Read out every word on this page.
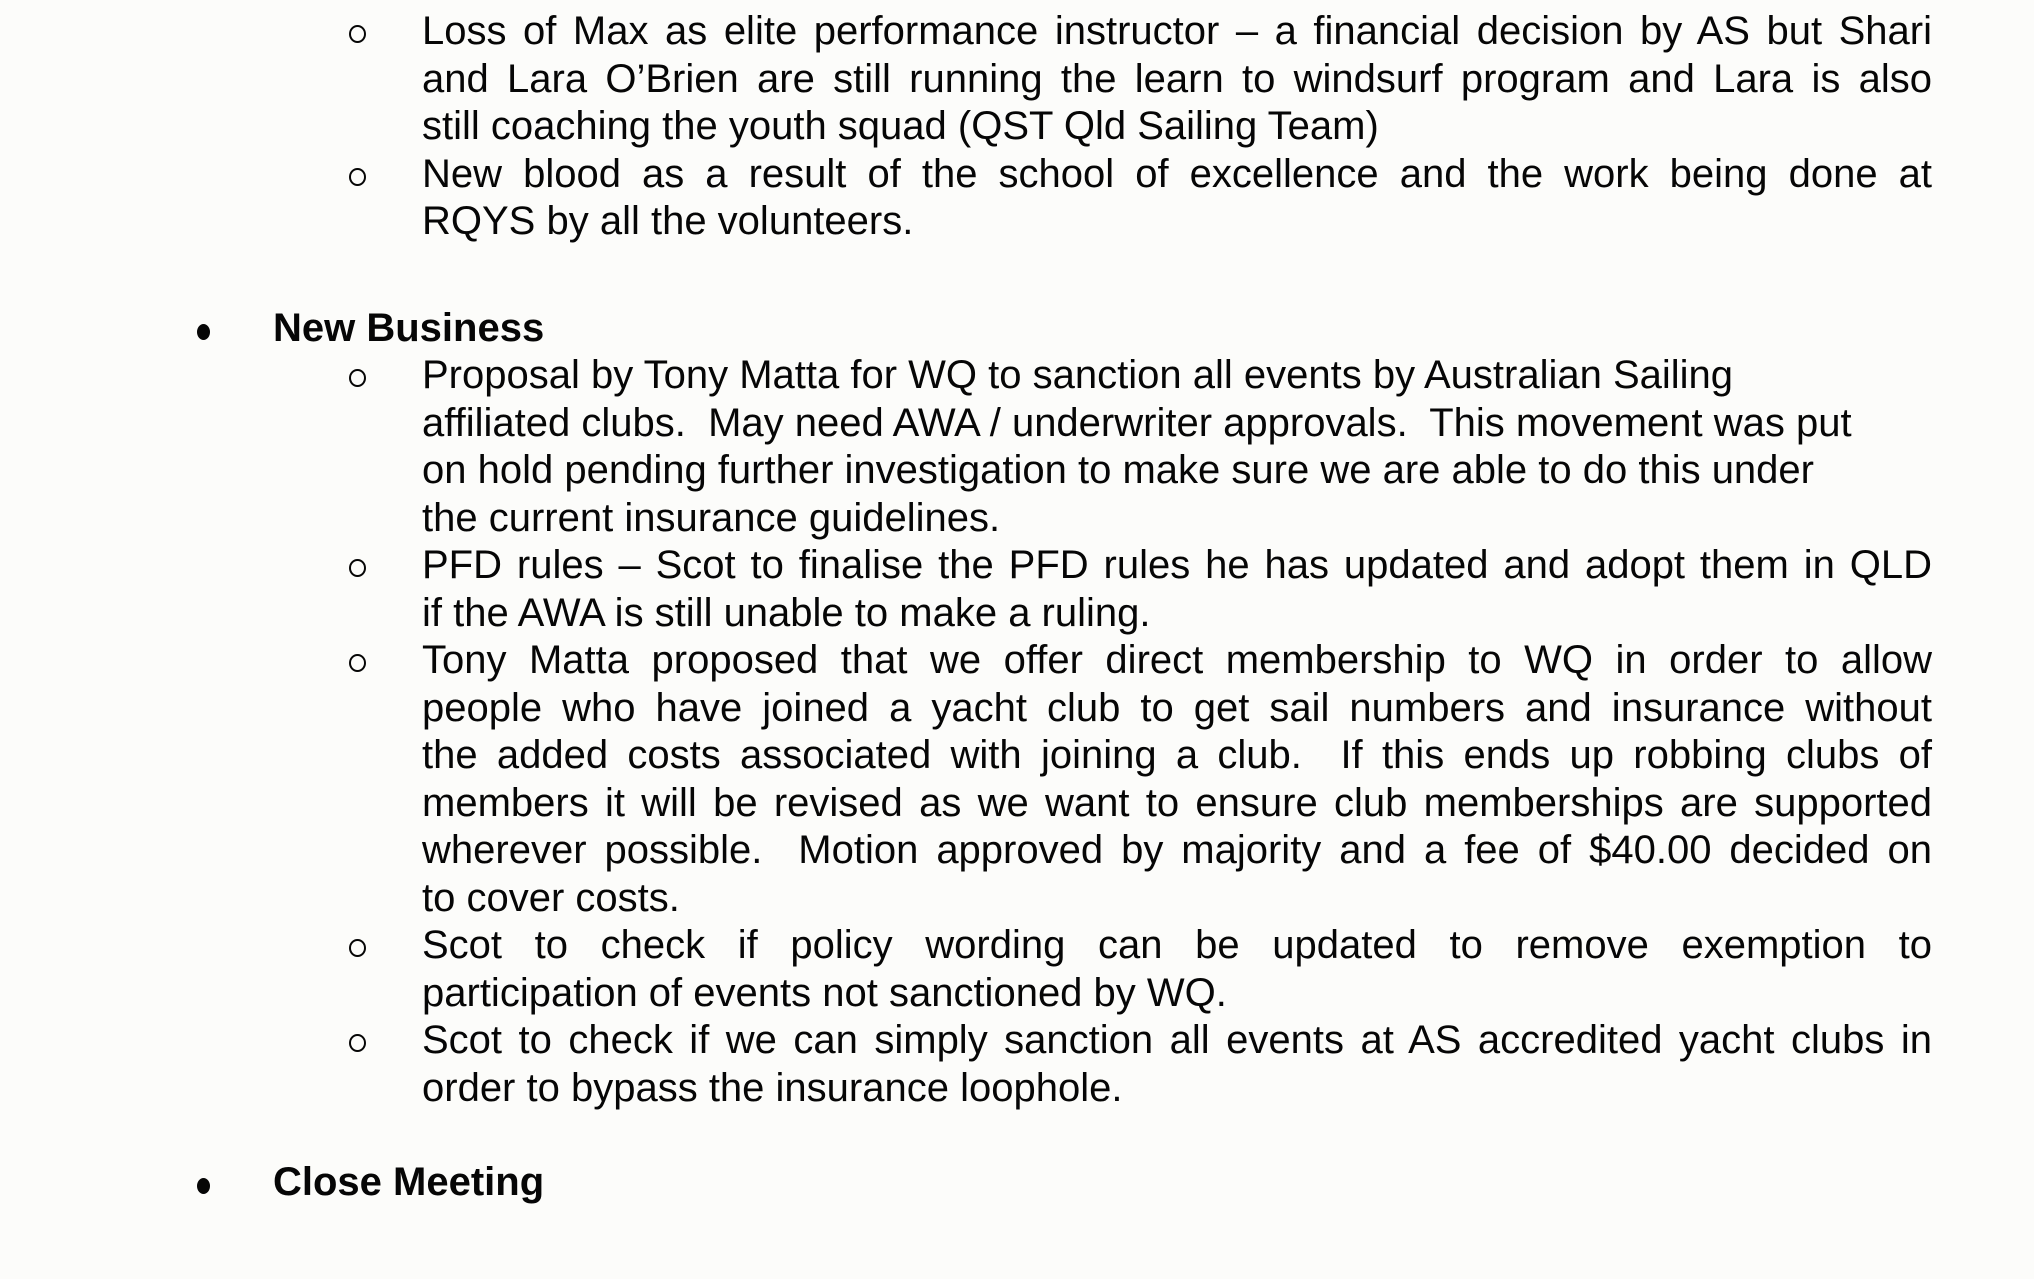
Loss of Max as elite performance instructor – a financial decision by AS but Shari
and Lara O’Brien are still running the learn to windsurf program and Lara is also
still coaching the youth squad (QST Qld Sailing Team)
New blood as a result of the school of excellence and the work being done at
RQYS by all the volunteers.
New Business
Proposal by Tony Matta for WQ to sanction all events by Australian Sailing
affiliated clubs.  May need AWA / underwriter approvals.  This movement was put
on hold pending further investigation to make sure we are able to do this under
the current insurance guidelines.
PFD rules – Scot to finalise the PFD rules he has updated and adopt them in QLD
if the AWA is still unable to make a ruling.
Tony Matta proposed that we offer direct membership to WQ in order to allow
people who have joined a yacht club to get sail numbers and insurance without
the added costs associated with joining a club.  If this ends up robbing clubs of
members it will be revised as we want to ensure club memberships are supported
wherever possible.  Motion approved by majority and a fee of $40.00 decided on
to cover costs.
Scot to check if policy wording can be updated to remove exemption to
participation of events not sanctioned by WQ.
Scot to check if we can simply sanction all events at AS accredited yacht clubs in
order to bypass the insurance loophole.
Close Meeting
